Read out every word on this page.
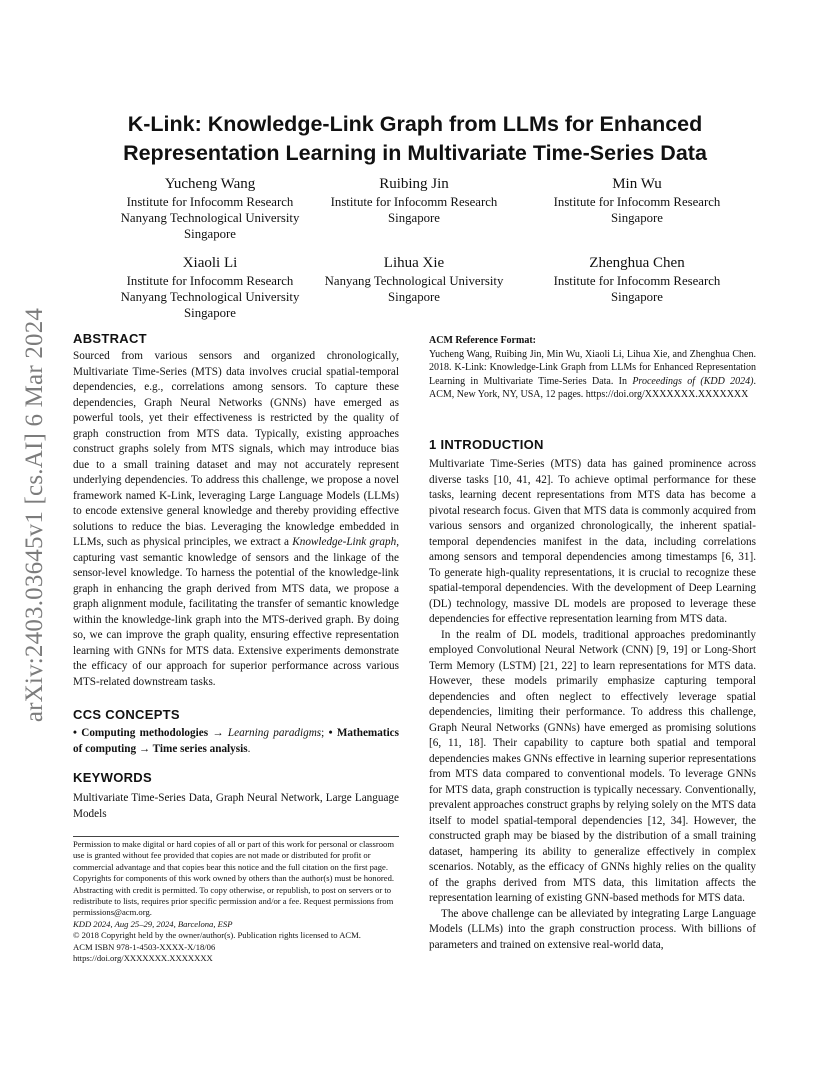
arXiv:2403.03645v1 [cs.AI] 6 Mar 2024
K-Link: Knowledge-Link Graph from LLMs for Enhanced Representation Learning in Multivariate Time-Series Data
Yucheng Wang
Institute for Infocomm Research
Nanyang Technological University
Singapore
Ruibing Jin
Institute for Infocomm Research
Singapore
Min Wu
Institute for Infocomm Research
Singapore
Xiaoli Li
Institute for Infocomm Research
Nanyang Technological University
Singapore
Lihua Xie
Nanyang Technological University
Singapore
Zhenghua Chen
Institute for Infocomm Research
Singapore
ABSTRACT

Sourced from various sensors and organized chronologically, Multivariate Time-Series (MTS) data involves crucial spatial-temporal dependencies, e.g., correlations among sensors. To capture these dependencies, Graph Neural Networks (GNNs) have emerged as powerful tools, yet their effectiveness is restricted by the quality of graph construction from MTS data. Typically, existing approaches construct graphs solely from MTS signals, which may introduce bias due to a small training dataset and may not accurately represent underlying dependencies. To address this challenge, we propose a novel framework named K-Link, leveraging Large Language Models (LLMs) to encode extensive general knowledge and thereby providing effective solutions to reduce the bias. Leveraging the knowledge embedded in LLMs, such as physical principles, we extract a Knowledge-Link graph, capturing vast semantic knowledge of sensors and the linkage of the sensor-level knowledge. To harness the potential of the knowledge-link graph in enhancing the graph derived from MTS data, we propose a graph alignment module, facilitating the transfer of semantic knowledge within the knowledge-link graph into the MTS-derived graph. By doing so, we can improve the graph quality, ensuring effective representation learning with GNNs for MTS data. Extensive experiments demonstrate the efficacy of our approach for superior performance across various MTS-related downstream tasks.

CCS CONCEPTS

• Computing methodologies → Learning paradigms; • Mathematics of computing → Time series analysis.

KEYWORDS

Multivariate Time-Series Data, Graph Neural Network, Large Language Models

Permission to make digital or hard copies of all or part of this work for personal or classroom use is granted without fee provided that copies are not made or distributed for profit or commercial advantage and that copies bear this notice and the full citation on the first page. Copyrights for components of this work owned by others than the author(s) must be honored. Abstracting with credit is permitted. To copy otherwise, or republish, to post on servers or to redistribute to lists, requires prior specific permission and/or a fee. Request permissions from permissions@acm.org.

KDD 2024, Aug 25–29, 2024, Barcelona, ESP

© 2018 Copyright held by the owner/author(s). Publication rights licensed to ACM.

ACM ISBN 978-1-4503-XXXX-X/18/06

https://doi.org/XXXXXXX.XXXXXXX

ACM Reference Format:

Yucheng Wang, Ruibing Jin, Min Wu, Xiaoli Li, Lihua Xie, and Zhenghua Chen. 2018. K-Link: Knowledge-Link Graph from LLMs for Enhanced Representation Learning in Multivariate Time-Series Data. In Proceedings of (KDD 2024). ACM, New York, NY, USA, 12 pages. https://doi.org/XXXXXXX.XXXXXXX

1 INTRODUCTION

Multivariate Time-Series (MTS) data has gained prominence across diverse tasks [10, 41, 42]. To achieve optimal performance for these tasks, learning decent representations from MTS data has become a pivotal research focus. Given that MTS data is commonly acquired from various sensors and organized chronologically, the inherent spatial-temporal dependencies manifest in the data, including correlations among sensors and temporal dependencies among timestamps [6, 31]. To generate high-quality representations, it is crucial to recognize these spatial-temporal dependencies. With the development of Deep Learning (DL) technology, massive DL models are proposed to leverage these dependencies for effective representation learning from MTS data.

In the realm of DL models, traditional approaches predominantly employed Convolutional Neural Network (CNN) [9, 19] or Long-Short Term Memory (LSTM) [21, 22] to learn representations for MTS data. However, these models primarily emphasize capturing temporal dependencies and often neglect to effectively leverage spatial dependencies, limiting their performance. To address this challenge, Graph Neural Networks (GNNs) have emerged as promising solutions [6, 11, 18]. Their capability to capture both spatial and temporal dependencies makes GNNs effective in learning superior representations from MTS data compared to conventional models. To leverage GNNs for MTS data, graph construction is typically necessary. Conventionally, prevalent approaches construct graphs by relying solely on the MTS data itself to model spatial-temporal dependencies [12, 34]. However, the constructed graph may be biased by the distribution of a small training dataset, hampering its ability to generalize effectively in complex scenarios. Notably, as the efficacy of GNNs highly relies on the quality of the graphs derived from MTS data, this limitation affects the representation learning of existing GNN-based methods for MTS data.

The above challenge can be alleviated by integrating Large Language Models (LLMs) into the graph construction process. With billions of parameters and trained on extensive real-world data,
